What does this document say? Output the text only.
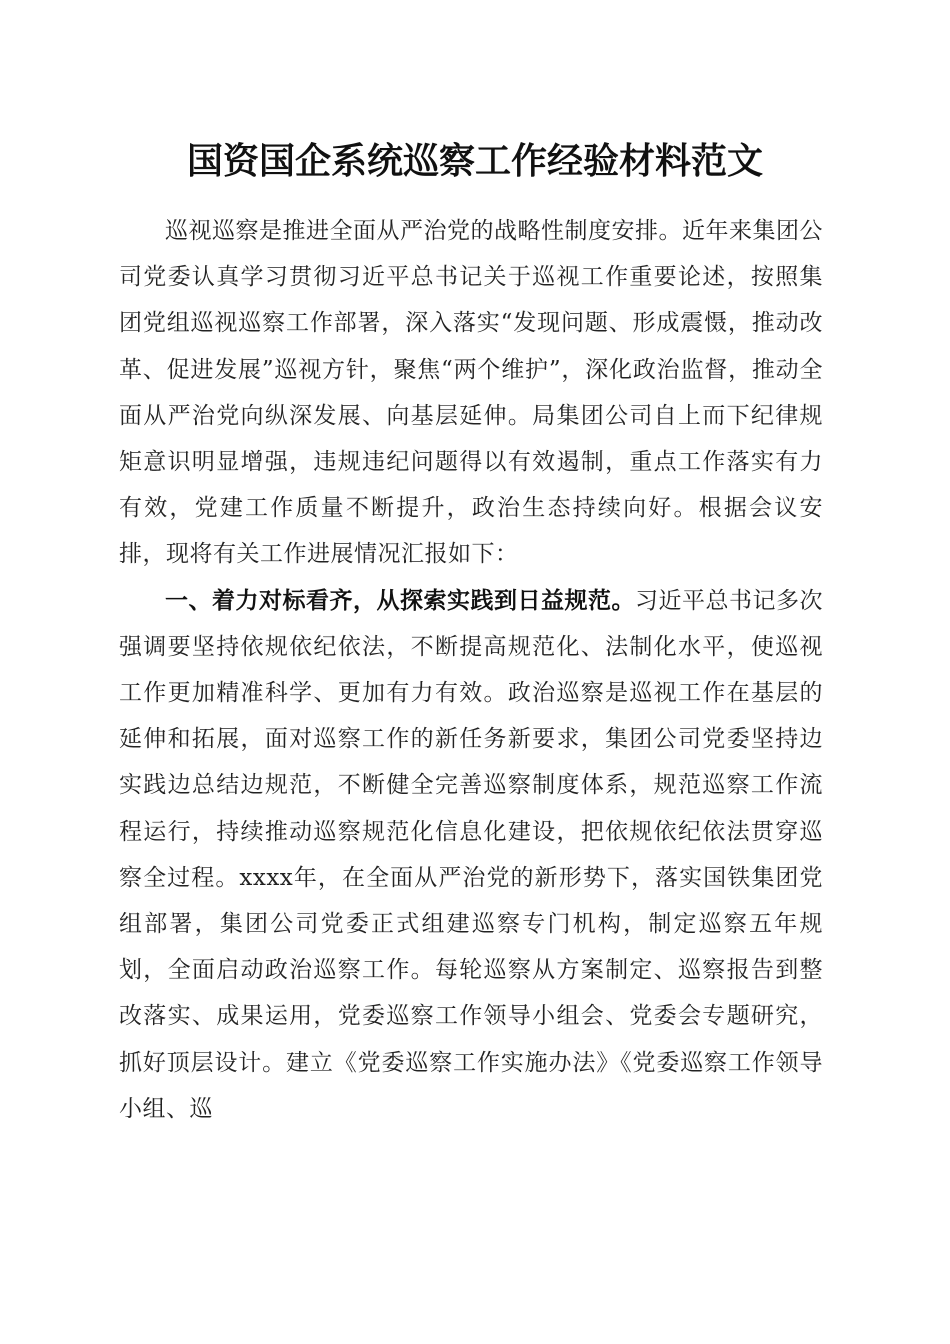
国资国企系统巡察工作经验材料范文

巡视巡察是推进全面从严治党的战略性制度安排。近年来集团公司党委认真学习贯彻习近平总书记关于巡视工作重要论述，按照集团党组巡视巡察工作部署，深入落实“发现问题、形成震慑，推动改革、促进发展”巡视方针，聚焦“两个维护”，深化政治监督，推动全面从严治党向纵深发展、向基层延伸。局集团公司自上而下纪律规矩意识明显增强，违规违纪问题得以有效遏制，重点工作落实有力有效，党建工作质量不断提升，政治生态持续向好。根据会议安排，现将有关工作进展情况汇报如下：

一、着力对标看齐，从探索实践到日益规范。习近平总书记多次强调要坚持依规依纪依法，不断提高规范化、法制化水平，使巡视工作更加精准科学、更加有力有效。政治巡察是巡视工作在基层的延伸和拓展，面对巡察工作的新任务新要求，集团公司党委坚持边实践边总结边规范，不断健全完善巡察制度体系，规范巡察工作流程运行，持续推动巡察规范化信息化建设，把依规依纪依法贯穿巡察全过程。xxxx年，在全面从严治党的新形势下，落实国铁集团党组部署，集团公司党委正式组建巡察专门机构，制定巡察五年规划，全面启动政治巡察工作。每轮巡察从方案制定、巡察报告到整改落实、成果运用，党委巡察工作领导小组会、党委会专题研究，抓好顶层设计。建立《党委巡察工作实施办法》《党委巡察工作领导小组、巡
